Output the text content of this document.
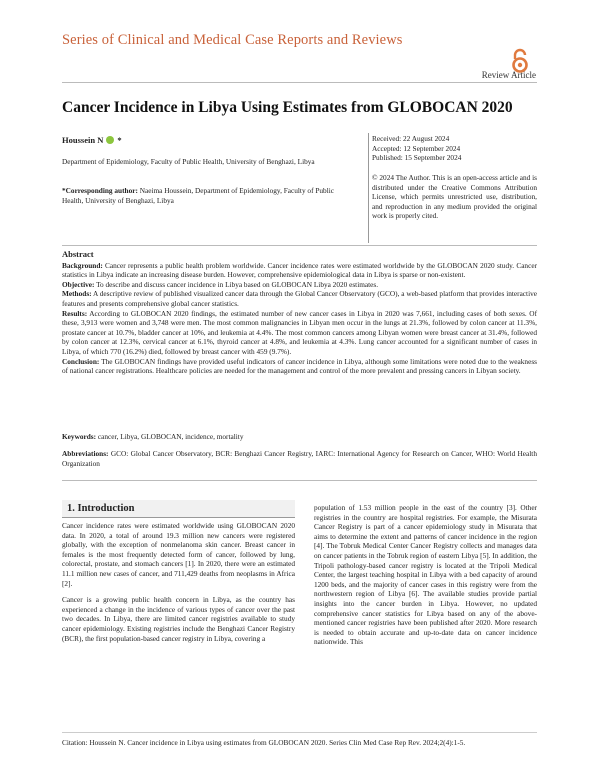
Series of Clinical and Medical Case Reports and Reviews
Review Article
Cancer Incidence in Libya Using Estimates from GLOBOCAN 2020
Houssein N *
Department of Epidemiology, Faculty of Public Health, University of Benghazi, Libya
*Corresponding author: Naeima Houssein, Department of Epidemiology, Faculty of Public Health, University of Benghazi, Libya
Received: 22 August 2024
Accepted: 12 September 2024
Published: 15 September 2024
© 2024 The Author. This is an open-access article and is distributed under the Creative Commons Attribution License, which permits unrestricted use, distribution, and reproduction in any medium provided the original work is properly cited.
Abstract

Background: Cancer represents a public health problem worldwide. Cancer incidence rates were estimated worldwide by the GLOBOCAN 2020 study. Cancer statistics in Libya indicate an increasing disease burden. However, comprehensive epidemiological data in Libya is sparse or non-existent.

Objective: To describe and discuss cancer incidence in Libya based on GLOBOCAN Libya 2020 estimates.

Methods: A descriptive review of published visualized cancer data through the Global Cancer Observatory (GCO), a web-based platform that provides interactive features and presents comprehensive global cancer statistics.

Results: According to GLOBOCAN 2020 findings, the estimated number of new cancer cases in Libya in 2020 was 7,661, including cases of both sexes. Of these, 3,913 were women and 3,748 were men. The most common malignancies in Libyan men occur in the lungs at 21.3%, followed by colon cancer at 11.3%, prostate cancer at 10.7%, bladder cancer at 10%, and leukemia at 4.4%. The most common cancers among Libyan women were breast cancer at 31.4%, followed by colon cancer at 12.3%, cervical cancer at 6.1%, thyroid cancer at 4.8%, and leukemia at 4.3%. Lung cancer accounted for a significant number of cases in Libya, of which 770 (16.2%) died, followed by breast cancer with 459 (9.7%).

Conclusion: The GLOBOCAN findings have provided useful indicators of cancer incidence in Libya, although some limitations were noted due to the weakness of national cancer registrations. Healthcare policies are needed for the management and control of the more prevalent and pressing cancers in Libyan society.

Keywords: cancer, Libya, GLOBOCAN, incidence, mortality
Abbreviations: GCO: Global Cancer Observatory, BCR: Benghazi Cancer Registry, IARC: International Agency for Research on Cancer, WHO: World Health Organization
1. Introduction

Cancer incidence rates were estimated worldwide using GLOBOCAN 2020 data. In 2020, a total of around 19.3 million new cancers were registered globally, with the exception of nonmelanoma skin cancer. Breast cancer in females is the most frequently detected form of cancer, followed by lung, colorectal, prostate, and stomach cancers [1]. In 2020, there were an estimated 11.1 million new cases of cancer, and 711,429 deaths from neoplasms in Africa [2].

Cancer is a growing public health concern in Libya, as the country has experienced a change in the incidence of various types of cancer over the past two decades. In Libya, there are limited cancer registries available to study cancer epidemiology. Existing registries include the Benghazi Cancer Registry (BCR), the first population-based cancer registry in Libya, covering a

population of 1.53 million people in the east of the country [3]. Other registries in the country are hospital registries. For example, the Misurata Cancer Registry is part of a cancer epidemiology study in Misurata that aims to determine the extent and patterns of cancer incidence in the region [4]. The Tobruk Medical Center Cancer Registry collects and manages data on cancer patients in the Tobruk region of eastern Libya [5]. In addition, the Tripoli pathology-based cancer registry is located at the Tripoli Medical Center, the largest teaching hospital in Libya with a bed capacity of around 1200 beds, and the majority of cancer cases in this registry were from the northwestern region of Libya [6]. The available studies provide partial insights into the cancer burden in Libya. However, no updated comprehensive cancer statistics for Libya based on any of the above-mentioned cancer registries have been published after 2020. More research is needed to obtain accurate and up-to-date data on cancer incidence nationwide. This

Citation: Houssein N. Cancer incidence in Libya using estimates from GLOBOCAN 2020. Series Clin Med Case Rep Rev. 2024;2(4):1-5.
